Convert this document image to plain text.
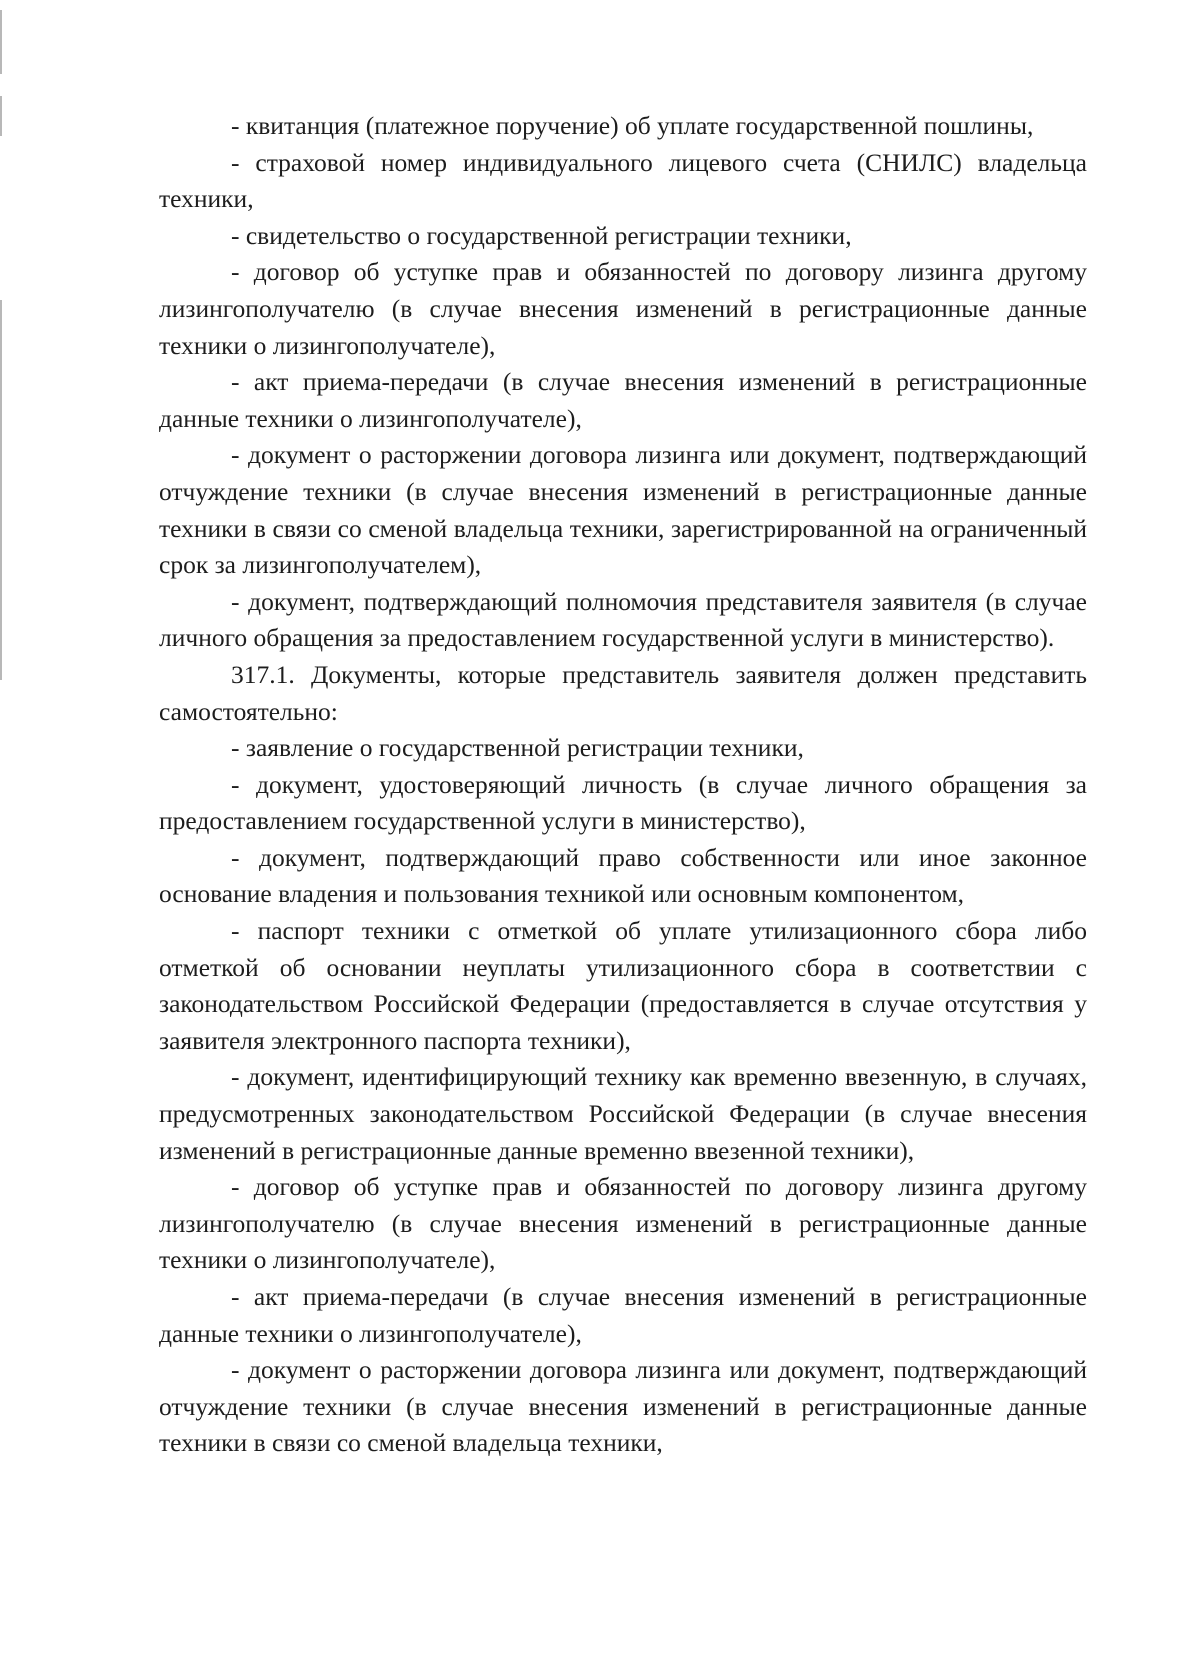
- квитанция (платежное поручение) об уплате государственной пошлины,

- страховой номер индивидуального лицевого счета (СНИЛС) владельца техники,

- свидетельство о государственной регистрации техники,

- договор об уступке прав и обязанностей по договору лизинга другому лизингополучателю (в случае внесения изменений в регистрационные данные техники о лизингополучателе),

- акт приема-передачи (в случае внесения изменений в регистрационные данные техники о лизингополучателе),

- документ о расторжении договора лизинга или документ, подтверждающий отчуждение техники (в случае внесения изменений в регистрационные данные техники в связи со сменой владельца техники, зарегистрированной на ограниченный срок за лизингополучателем),

- документ, подтверждающий полномочия представителя заявителя (в случае личного обращения за предоставлением государственной услуги в министерство).

317.1. Документы, которые представитель заявителя должен представить самостоятельно:

- заявление о государственной регистрации техники,

- документ, удостоверяющий личность (в случае личного обращения за предоставлением государственной услуги в министерство),

- документ, подтверждающий право собственности или иное законное основание владения и пользования техникой или основным компонентом,

- паспорт техники с отметкой об уплате утилизационного сбора либо отметкой об основании неуплаты утилизационного сбора в соответствии с законодательством Российской Федерации (предоставляется в случае отсутствия у заявителя электронного паспорта техники),

- документ, идентифицирующий технику как временно ввезенную, в случаях, предусмотренных законодательством Российской Федерации (в случае внесения изменений в регистрационные данные временно ввезенной техники),

- договор об уступке прав и обязанностей по договору лизинга другому лизингополучателю (в случае внесения изменений в регистрационные данные техники о лизингополучателе),

- акт приема-передачи (в случае внесения изменений в регистрационные данные техники о лизингополучателе),

- документ о расторжении договора лизинга или документ, подтверждающий отчуждение техники (в случае внесения изменений в регистрационные данные техники в связи со сменой владельца техники,
